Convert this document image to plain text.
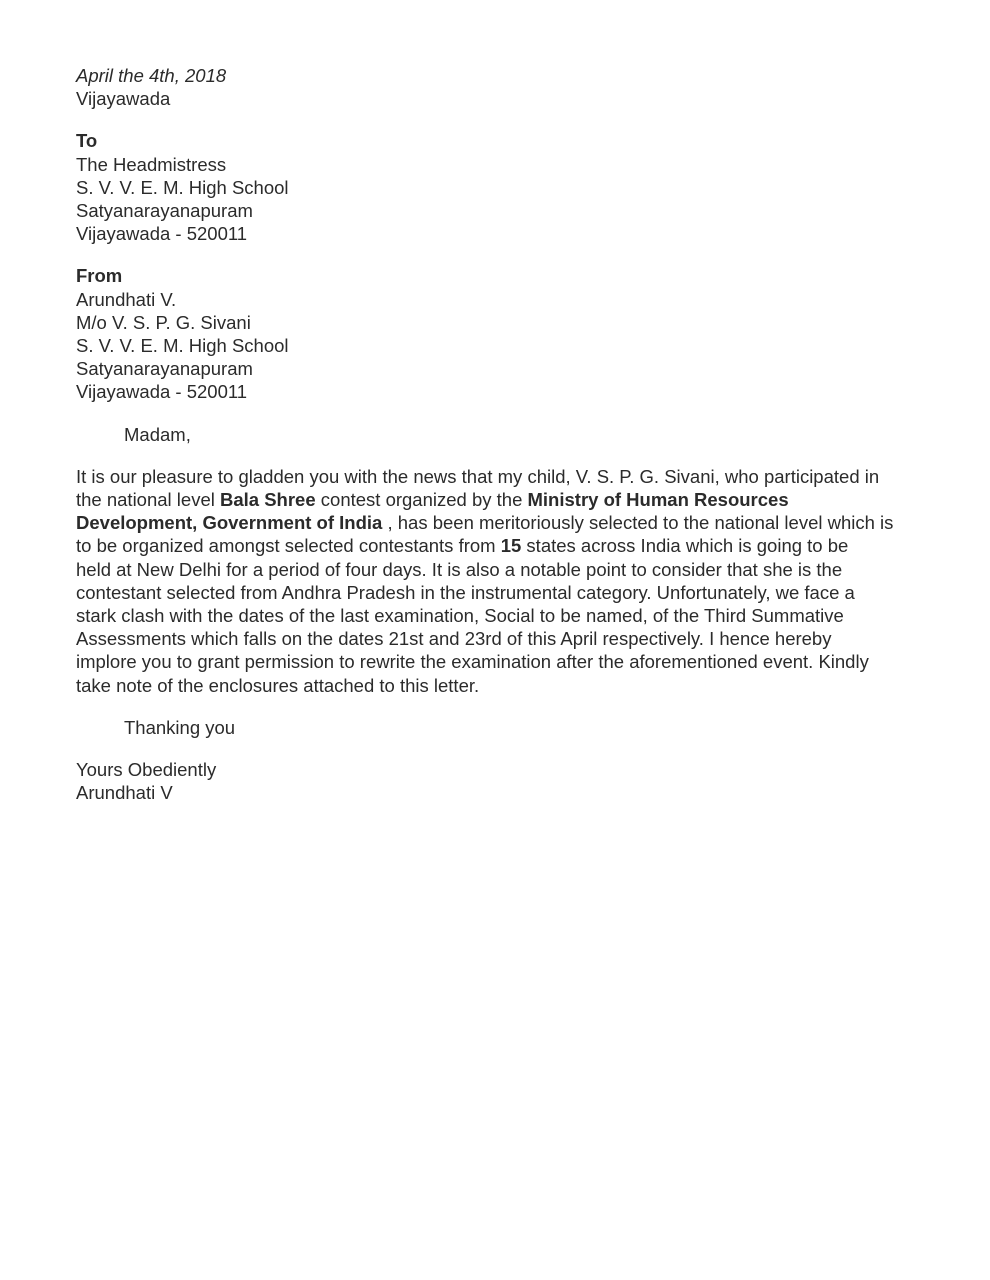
April the 4th, 2018
Vijayawada
To
The Headmistress
S. V. V. E. M. High School
Satyanarayanapuram
Vijayawada - 520011
From
Arundhati V.
M/o V. S. P. G. Sivani
S. V. V. E. M. High School
Satyanarayanapuram
Vijayawada - 520011
Madam,
It is our pleasure to gladden you with the news that my child, V. S. P. G. Sivani, who participated in
the national level Bala Shree contest organized by the Ministry of Human Resources
Development, Government of India , has been meritoriously selected to the national level which is
to be organized amongst selected contestants from 15 states across India which is going to be
held at New Delhi for a period of four days. It is also a notable point to consider that she is the
contestant selected from Andhra Pradesh in the instrumental category. Unfortunately, we face a
stark clash with the dates of the last examination, Social to be named, of the Third Summative
Assessments which falls on the dates 21st and 23rd of this April respectively. I hence hereby
implore you to grant permission to rewrite the examination after the aforementioned event. Kindly
take note of the enclosures attached to this letter.
Thanking you
Yours Obediently
Arundhati V
